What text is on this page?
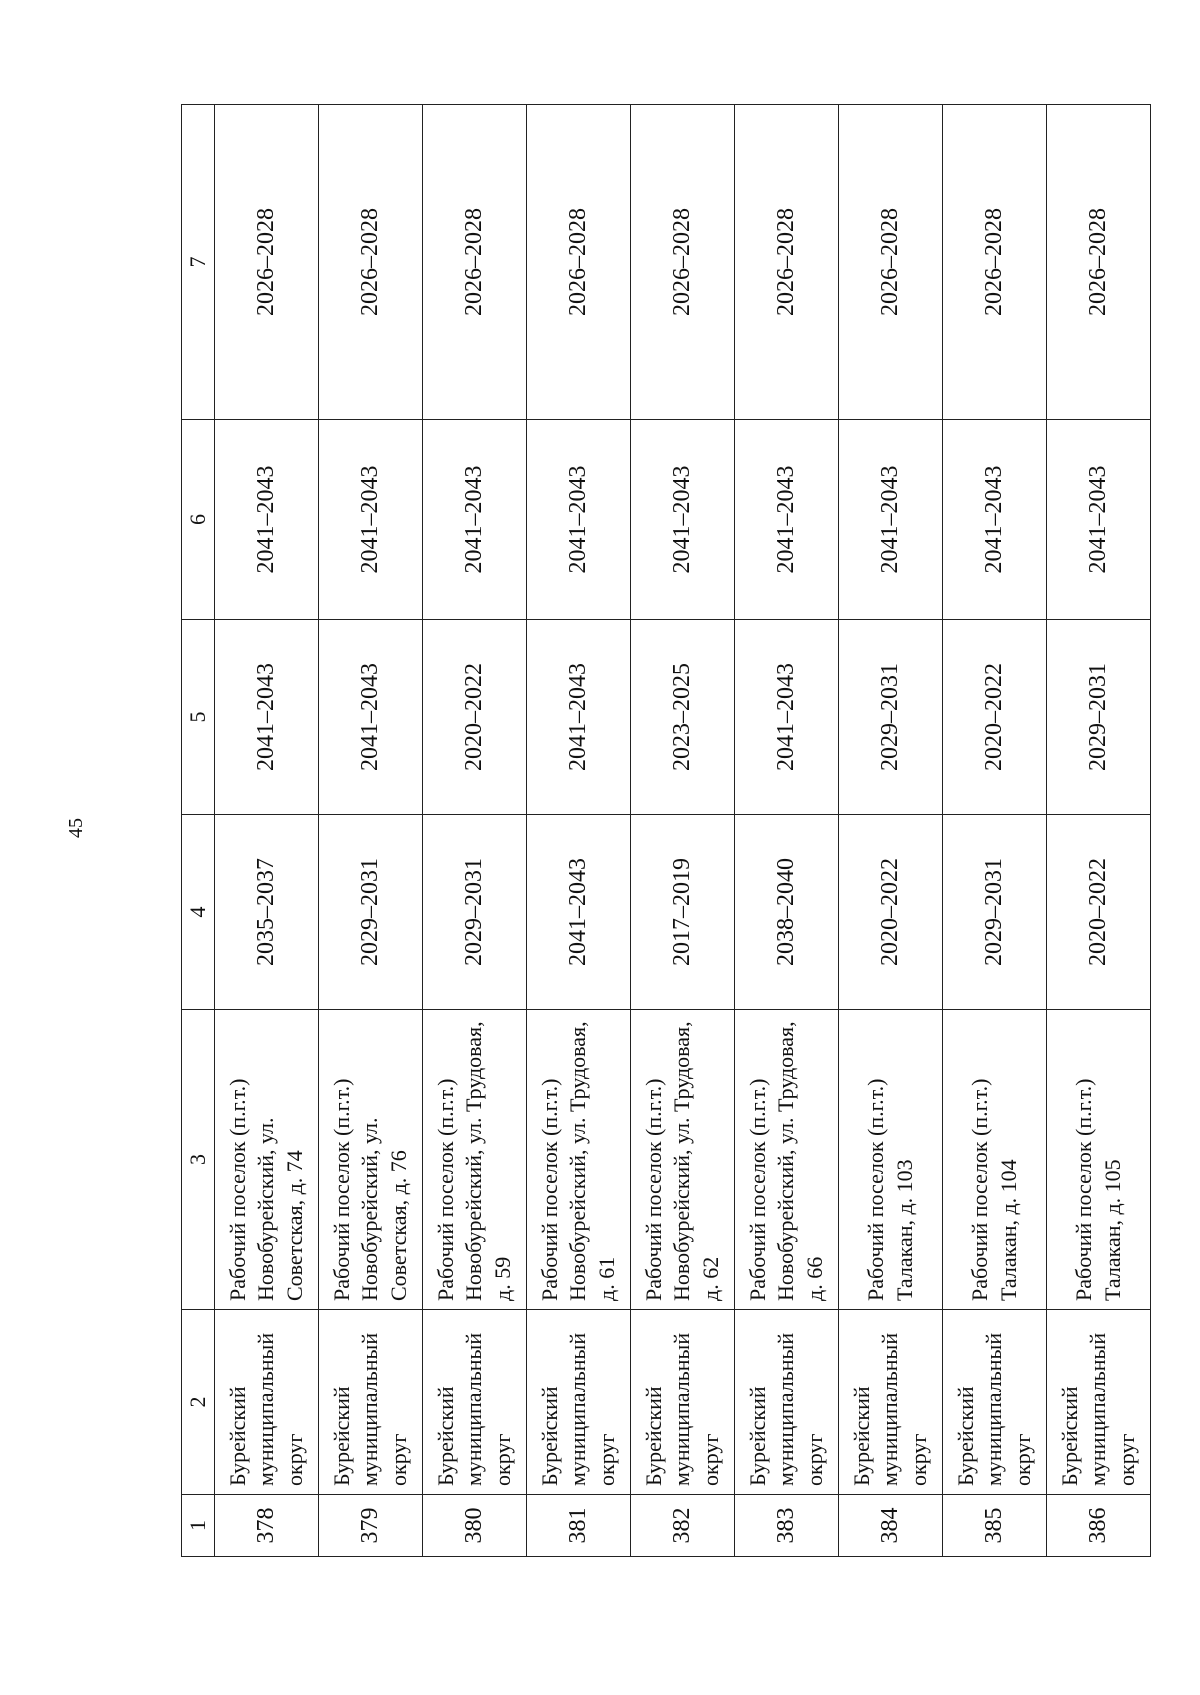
45
1	2	3	4	5	6	7
378	Бурейский муниципальный округ	Рабочий поселок (п.г.т.) Новобурейский, ул. Советская, д. 74	2035–2037	2041–2043	2041–2043	2026–2028
379	Бурейский муниципальный округ	Рабочий поселок (п.г.т.) Новобурейский, ул. Советская, д. 76	2029–2031	2041–2043	2041–2043	2026–2028
380	Бурейский муниципальный округ	Рабочий поселок (п.г.т.) Новобурейский, ул. Трудовая, д. 59	2029–2031	2020–2022	2041–2043	2026–2028
381	Бурейский муниципальный округ	Рабочий поселок (п.г.т.) Новобурейский, ул. Трудовая, д. 61	2041–2043	2041–2043	2041–2043	2026–2028
382	Бурейский муниципальный округ	Рабочий поселок (п.г.т.) Новобурейский, ул. Трудовая, д. 62	2017–2019	2023–2025	2041–2043	2026–2028
383	Бурейский муниципальный округ	Рабочий поселок (п.г.т.) Новобурейский, ул. Трудовая, д. 66	2038–2040	2041–2043	2041–2043	2026–2028
384	Бурейский муниципальный округ	Рабочий поселок (п.г.т.) Талакан, д. 103	2020–2022	2029–2031	2041–2043	2026–2028
385	Бурейский муниципальный округ	Рабочий поселок (п.г.т.) Талакан, д. 104	2029–2031	2020–2022	2041–2043	2026–2028
386	Бурейский муниципальный округ	Рабочий поселок (п.г.т.) Талакан, д. 105	2020–2022	2029–2031	2041–2043	2026–2028
